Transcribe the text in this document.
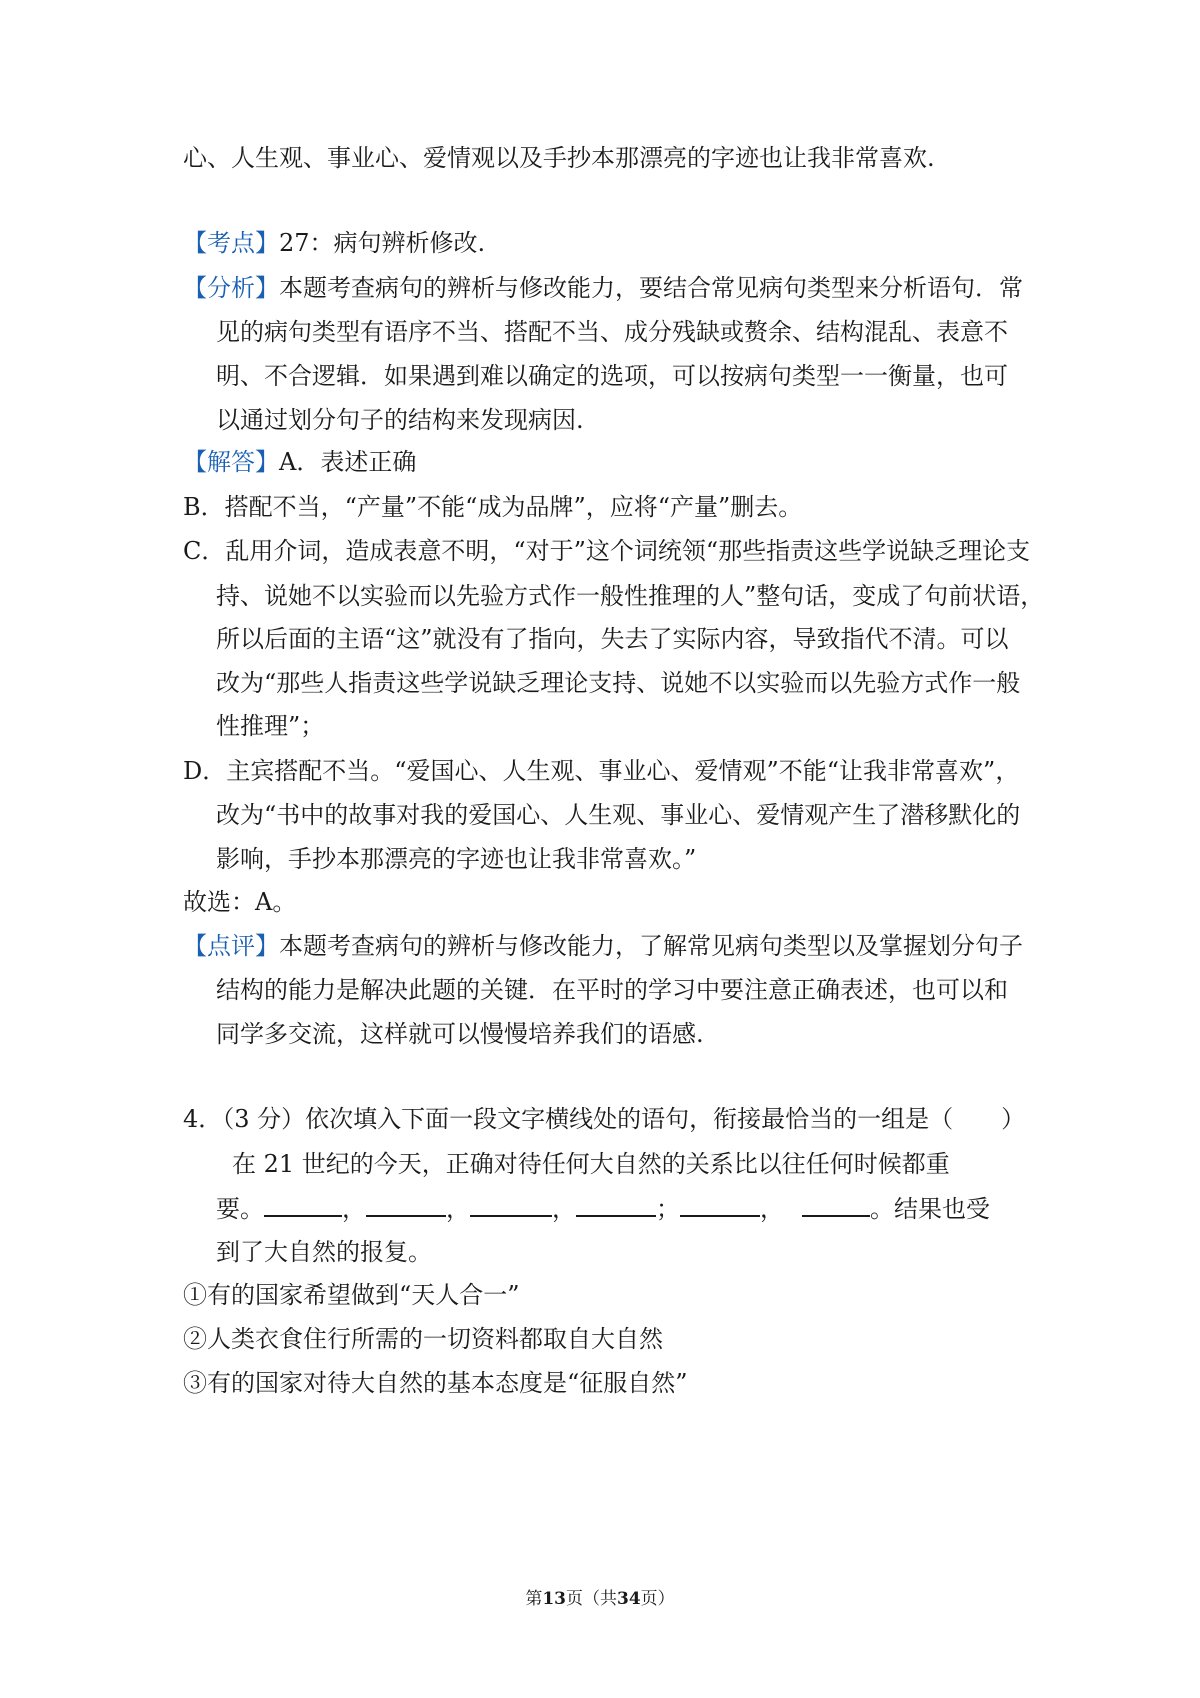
心、人生观、事业心、爱情观以及手抄本那漂亮的字迹也让我非常喜欢.
【考点】27：病句辨析修改.
【分析】本题考查病句的辨析与修改能力，要结合常见病句类型来分析语句．常
见的病句类型有语序不当、搭配不当、成分残缺或赘余、结构混乱、表意不
明、不合逻辑．如果遇到难以确定的选项，可以按病句类型一一衡量，也可
以通过划分句子的结构来发现病因.
【解答】A．表述正确
B．搭配不当，“产量”不能“成为品牌”，应将“产量”删去。
C．乱用介词，造成表意不明，“对于”这个词统领“那些指责这些学说缺乏理论支
持、说她不以实验而以先验方式作一般性推理的人”整句话，变成了句前状语，
所以后面的主语“这”就没有了指向，失去了实际内容，导致指代不清。可以
改为“那些人指责这些学说缺乏理论支持、说她不以实验而以先验方式作一般
性推理”；
D．主宾搭配不当。“爱国心、人生观、事业心、爱情观”不能“让我非常喜欢”，
改为“书中的故事对我的爱国心、人生观、事业心、爱情观产生了潜移默化的
影响，手抄本那漂亮的字迹也让我非常喜欢。”
故选：A。
【点评】本题考查病句的辨析与修改能力，了解常见病句类型以及掌握划分句子
结构的能力是解决此题的关键．在平时的学习中要注意正确表述，也可以和
同学多交流，这样就可以慢慢培养我们的语感.
4．（3 分）依次填入下面一段文字横线处的语句，衔接最恰当的一组是（　　）
在 21 世纪的今天，正确对待任何大自然的关系比以往任何时候都重
要。	，	，	，	；	，	。结果也受
到了大自然的报复。
①有的国家希望做到“天人合一”
②人类衣食住行所需的一切资料都取自大自然
③有的国家对待大自然的基本态度是“征服自然”
第13页（共34页）
